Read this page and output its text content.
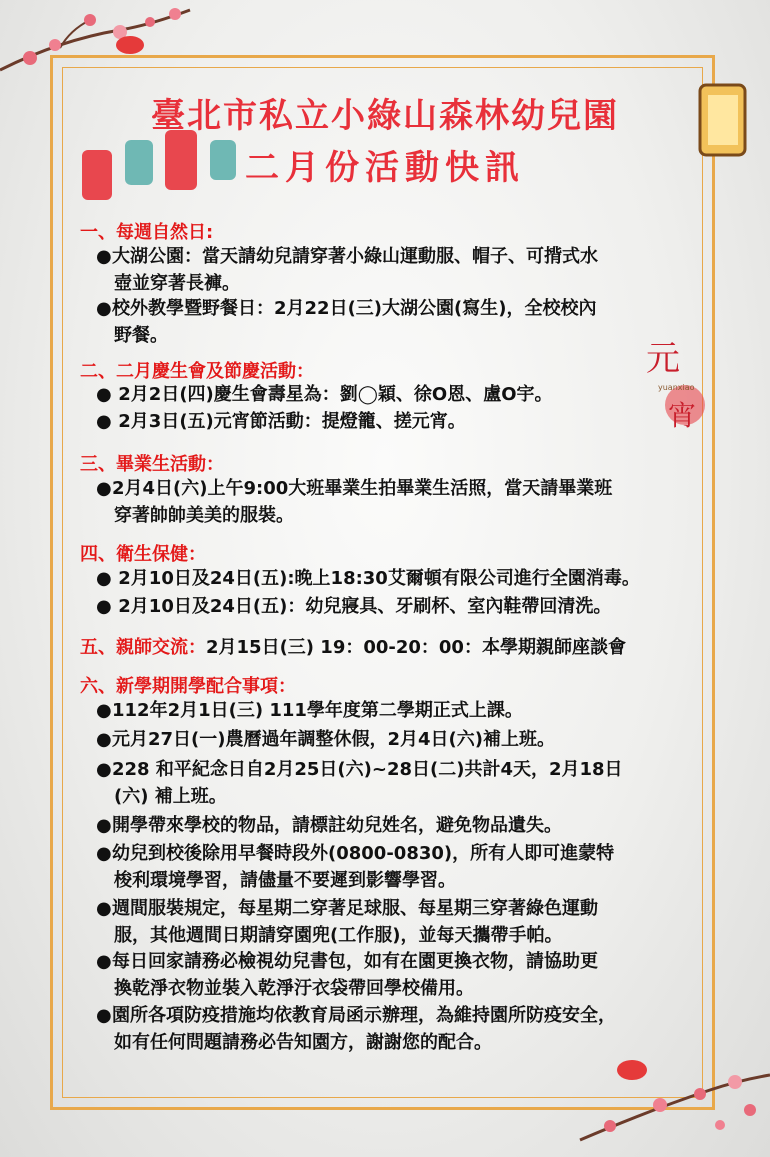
元
宵
yuanxiao
臺北市私立小綠山森林幼兒園
二月份活動快訊
一、每週自然日:
●大湖公園：當天請幼兒請穿著小綠山運動服、帽子、可揹式水
壺並穿著長褲。
●校外教學暨野餐日：2月22日(三)大湖公園(寫生)，全校校內
野餐。
二、二月慶生會及節慶活動：
● 2月2日(四)慶生會壽星為：劉◯穎、徐О恩、盧О宇。
● 2月3日(五)元宵節活動：提燈籠、搓元宵。
三、畢業生活動：
●2月4日(六)上午9:00大班畢業生拍畢業生活照，當天請畢業班
穿著帥帥美美的服裝。
四、衛生保健：
● 2月10日及24日(五):晚上18:30艾爾頓有限公司進行全園消毒。
● 2月10日及24日(五)：幼兒寢具、牙刷杯、室內鞋帶回清洗。
五、親師交流：2月15日(三) 19：00-20：00：本學期親師座談會
六、新學期開學配合事項：
●112年2月1日(三) 111學年度第二學期正式上課。
●元月27日(一)農曆過年調整休假，2月4日(六)補上班。
●228 和平紀念日自2月25日(六)~28日(二)共計4天，2月18日
(六) 補上班。
●開學帶來學校的物品，請標註幼兒姓名，避免物品遺失。
●幼兒到校後除用早餐時段外(0800-0830)，所有人即可進蒙特
梭利環境學習，請儘量不要遲到影響學習。
●週間服裝規定，每星期二穿著足球服、每星期三穿著綠色運動
服，其他週間日期請穿園兜(工作服)，並每天攜帶手帕。
●每日回家請務必檢視幼兒書包，如有在園更換衣物，請協助更
換乾淨衣物並裝入乾淨汙衣袋帶回學校備用。
●園所各項防疫措施均依教育局函示辦理，為維持園所防疫安全，
如有任何問題請務必告知園方，謝謝您的配合。
